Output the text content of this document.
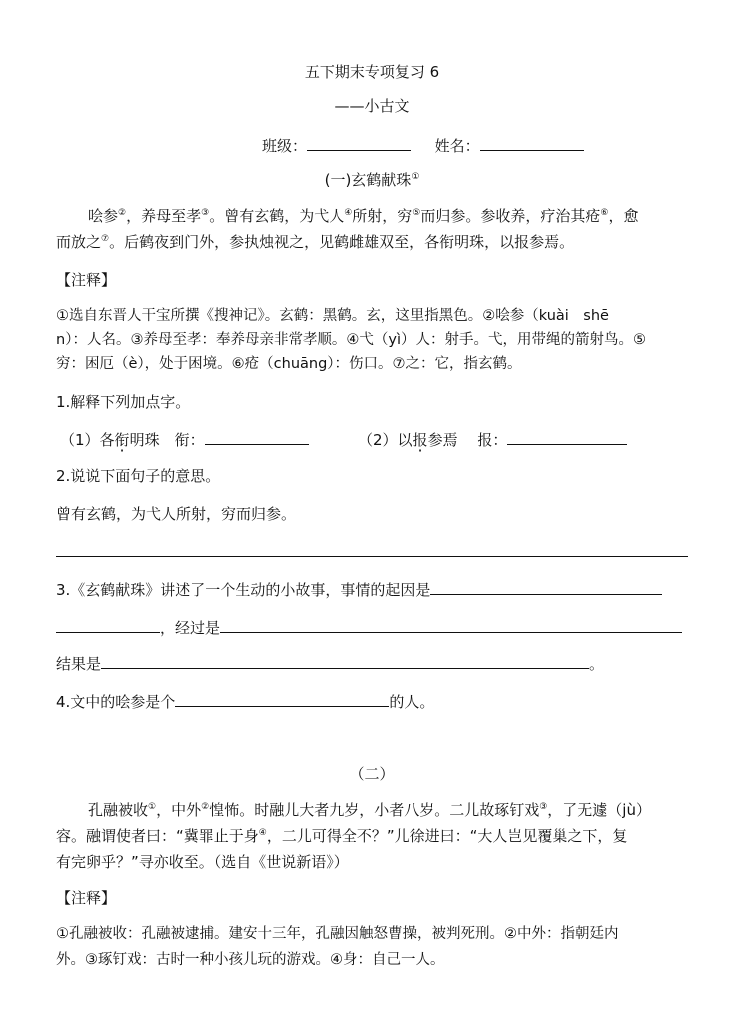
五下期末专项复习 6
——小古文
班级：	姓名：
(一)玄鹤献珠①
哙参②，养母至孝③。曾有玄鹤，为弋人④所射，穷⑤而归参。参收养，疗治其疮⑥，愈
而放之⑦。后鹤夜到门外，参执烛视之，见鹤雌雄双至，各衔明珠，以报参焉。
【注释】
①选自东晋人干宝所撰《搜神记》。玄鹤：黑鹤。玄，这里指黑色。②哙参（kuài　shē
n）：人名。③养母至孝：奉养母亲非常孝顺。④弋（yì）人：射手。弋，用带绳的箭射鸟。⑤
穷：困厄（è），处于困境。⑥疮（chuāng）：伤口。⑦之：它，指玄鹤。
1.解释下列加点字。
（1）各衔明珠　衔：	（2）以报参焉　 报：
2.说说下面句子的意思。
曾有玄鹤，为弋人所射，穷而归参。
3.《玄鹤献珠》讲述了一个生动的小故事，事情的起因是
，经过是
结果是	。
4.文中的哙参是个	的人。
（二）
孔融被收①，中外②惶怖。时融儿大者九岁，小者八岁。二儿故琢钉戏③，了无遽（jù）
容。融谓使者曰：“冀罪止于身④，二儿可得全不？”儿徐进曰：“大人岂见覆巢之下，复
有完卵乎？”寻亦收至。（选自《世说新语》）
【注释】
①孔融被收：孔融被逮捕。建安十三年，孔融因触怒曹操，被判死刑。②中外：指朝廷内
外。③琢钉戏：古时一种小孩儿玩的游戏。④身：自己一人。
